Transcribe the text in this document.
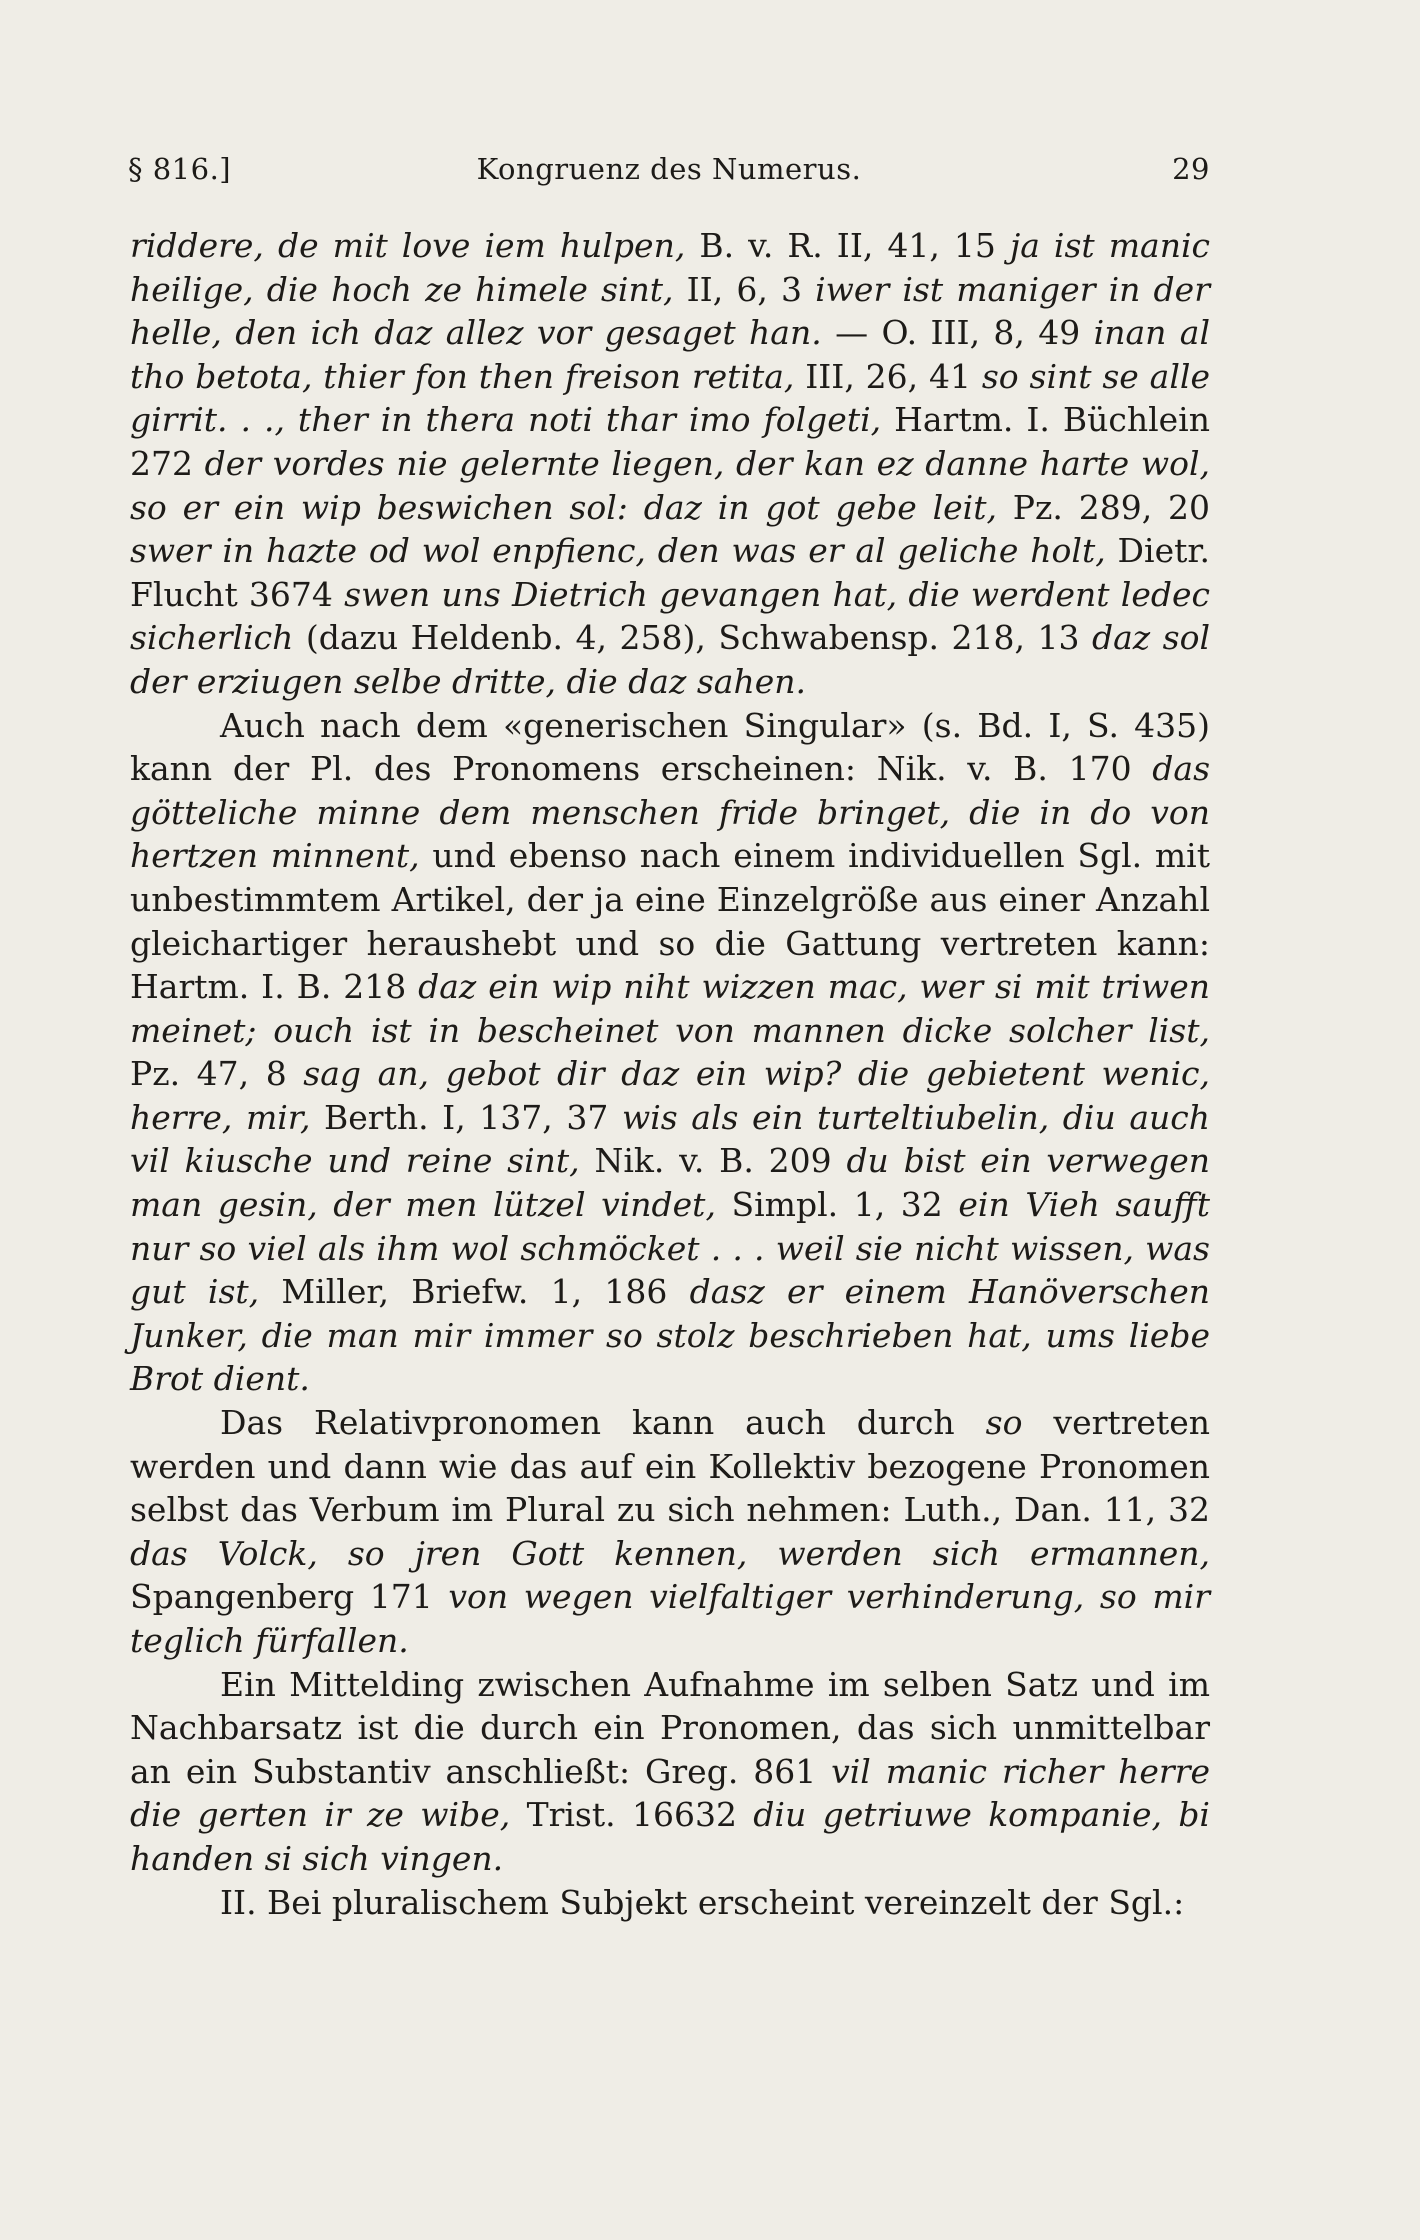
§ 816.]	Kongruenz des Numerus.	29

riddere, de mit love iem hulpen, B. v. R. II, 41, 15 ja ist manic heilige, die hoch ze himele sint, II, 6, 3 iwer ist maniger in der helle, den ich daz allez vor gesaget han. — O. III, 8, 49 inan al tho betota, thier fon then freison retita, III, 26, 41 so sint se alle girrit. . ., ther in thera noti thar imo folgeti, Hartm. I. Büchlein 272 der vordes nie gelernte liegen, der kan ez danne harte wol, so er ein wip beswichen sol: daz in got gebe leit, Pz. 289, 20 swer in hazte od wol enpfienc, den was er al geliche holt, Dietr. Flucht 3674 swen uns Dietrich gevangen hat, die werdent ledec sicherlich (dazu Heldenb. 4, 258), Schwabensp. 218, 13 daz sol der erziugen selbe dritte, die daz sahen.

Auch nach dem «generischen Singular» (s. Bd. I, S. 435) kann der Pl. des Pronomens erscheinen: Nik. v. B. 170 das götteliche minne dem menschen fride bringet, die in do von hertzen minnent, und ebenso nach einem individuellen Sgl. mit unbestimmtem Artikel, der ja eine Einzelgröße aus einer Anzahl gleichartiger heraushebt und so die Gattung vertreten kann: Hartm. I. B. 218 daz ein wip niht wizzen mac, wer si mit triwen meinet; ouch ist in bescheinet von mannen dicke solcher list, Pz. 47, 8 sag an, gebot dir daz ein wip? die gebietent wenic, herre, mir, Berth. I, 137, 37 wis als ein turteltiubelin, diu auch vil kiusche und reine sint, Nik. v. B. 209 du bist ein verwegen man gesin, der men lützel vindet, Simpl. 1, 32 ein Vieh saufft nur so viel als ihm wol schmöcket . . . weil sie nicht wissen, was gut ist, Miller, Briefw. 1, 186 dasz er einem Hanöverschen Junker, die man mir immer so stolz beschrieben hat, ums liebe Brot dient.

Das Relativpronomen kann auch durch so vertreten werden und dann wie das auf ein Kollektiv bezogene Pronomen selbst das Verbum im Plural zu sich nehmen: Luth., Dan. 11, 32 das Volck, so jren Gott kennen, werden sich ermannen, Spangenberg 171 von wegen vielfaltiger verhinderung, so mir teglich fürfallen.

Ein Mittelding zwischen Aufnahme im selben Satz und im Nachbarsatz ist die durch ein Pronomen, das sich unmittelbar an ein Substantiv anschließt: Greg. 861 vil manic richer herre die gerten ir ze wibe, Trist. 16632 diu getriuwe kompanie, bi handen si sich vingen.

II. Bei pluralischem Subjekt erscheint vereinzelt der Sgl.:
